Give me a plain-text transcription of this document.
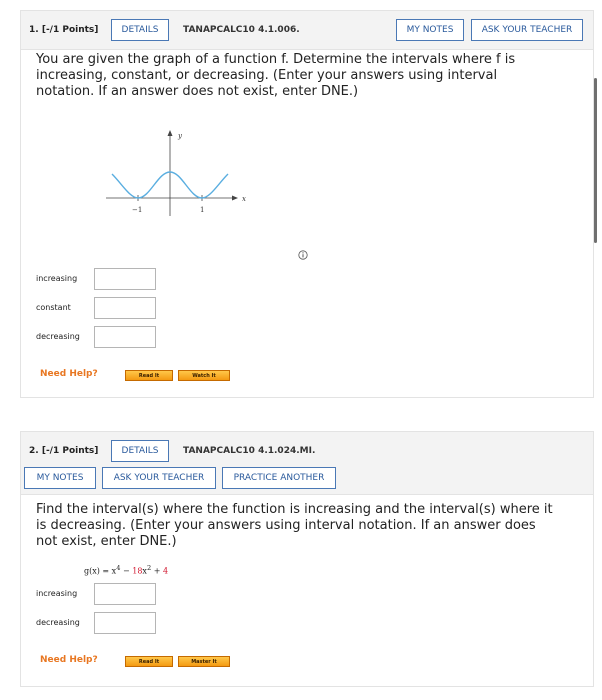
1. [-/1 Points]	DETAILS	TANAPCALC10 4.1.006.	MY NOTES	ASK YOUR TEACHER
You are given the graph of a function f. Determine the intervals where f is increasing, constant, or decreasing. (Enter your answers using interval notation. If an answer does not exist, enter DNE.)
y
x
−1	1
increasing
constant
decreasing
Need Help?	Read It	Watch It
2. [-/1 Points]	DETAILS	TANAPCALC10 4.1.024.MI.
MY NOTES	ASK YOUR TEACHER	PRACTICE ANOTHER
Find the interval(s) where the function is increasing and the interval(s) where it is decreasing. (Enter your answers using interval notation. If an answer does not exist, enter DNE.)
$g(x) = x^4 - 18x^2 + 4$
increasing
decreasing
Need Help?	Read It	Master It
